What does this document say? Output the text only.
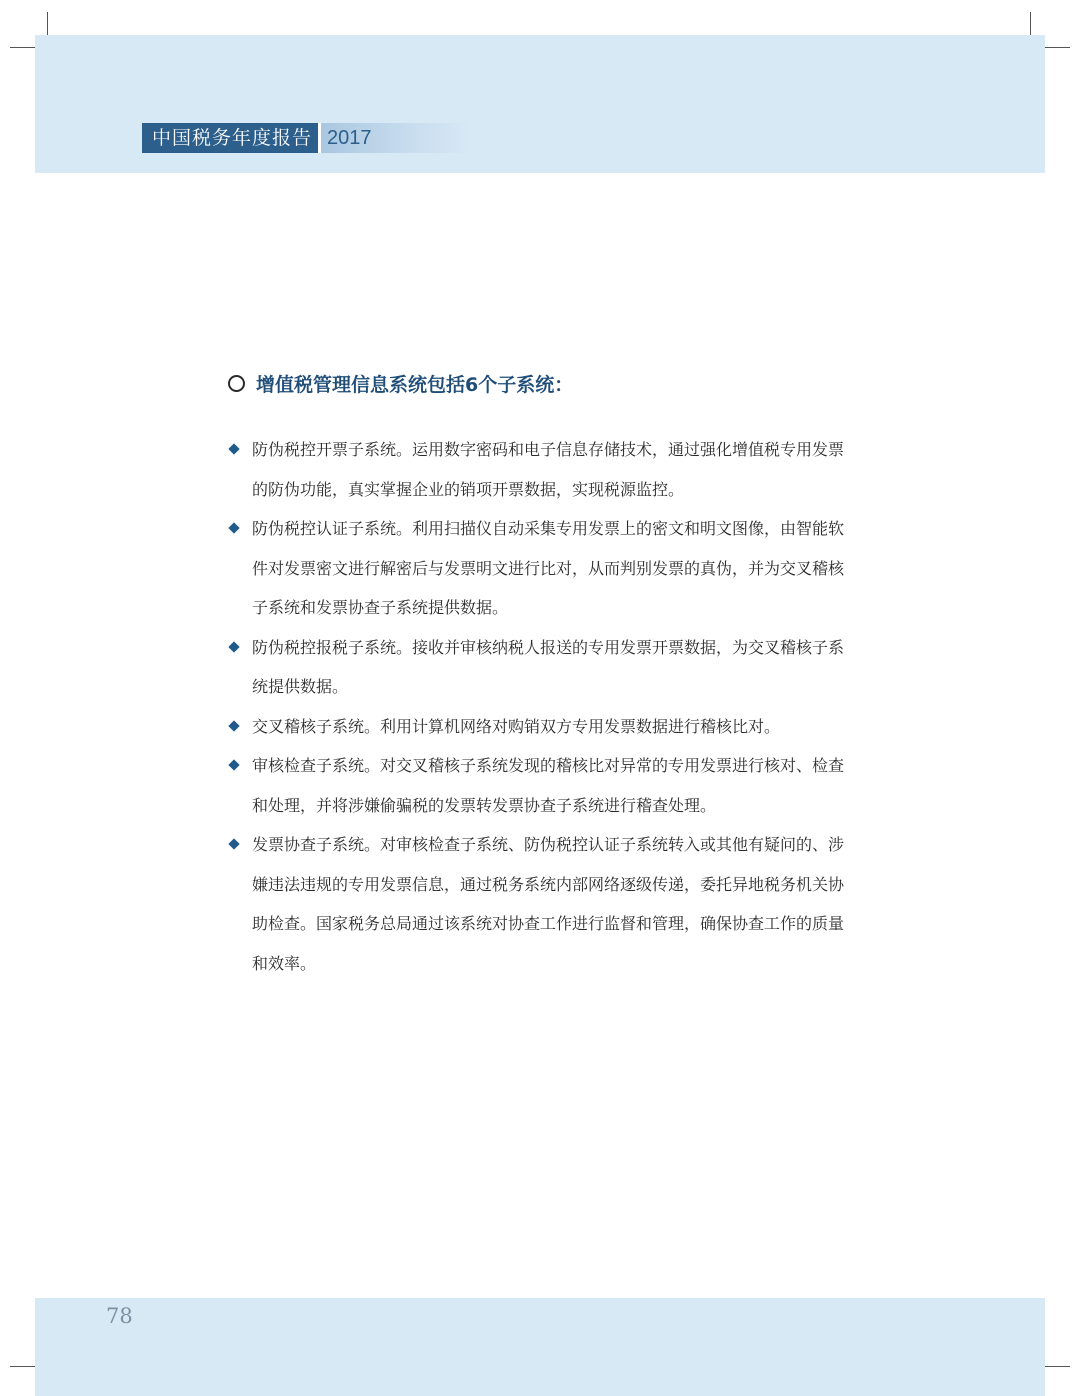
中国税务年度报告 2017
增值税管理信息系统包括6个子系统：
防伪税控开票子系统。运用数字密码和电子信息存储技术，通过强化增值税专用发票的防伪功能，真实掌握企业的销项开票数据，实现税源监控。
防伪税控认证子系统。利用扫描仪自动采集专用发票上的密文和明文图像，由智能软件对发票密文进行解密后与发票明文进行比对，从而判别发票的真伪，并为交叉稽核子系统和发票协查子系统提供数据。
防伪税控报税子系统。接收并审核纳税人报送的专用发票开票数据，为交叉稽核子系统提供数据。
交叉稽核子系统。利用计算机网络对购销双方专用发票数据进行稽核比对。
审核检查子系统。对交叉稽核子系统发现的稽核比对异常的专用发票进行核对、检查和处理，并将涉嫌偷骗税的发票转发票协查子系统进行稽查处理。
发票协查子系统。对审核检查子系统、防伪税控认证子系统转入或其他有疑问的、涉嫌违法违规的专用发票信息，通过税务系统内部网络逐级传递，委托异地税务机关协助检查。国家税务总局通过该系统对协查工作进行监督和管理，确保协查工作的质量和效率。
78
